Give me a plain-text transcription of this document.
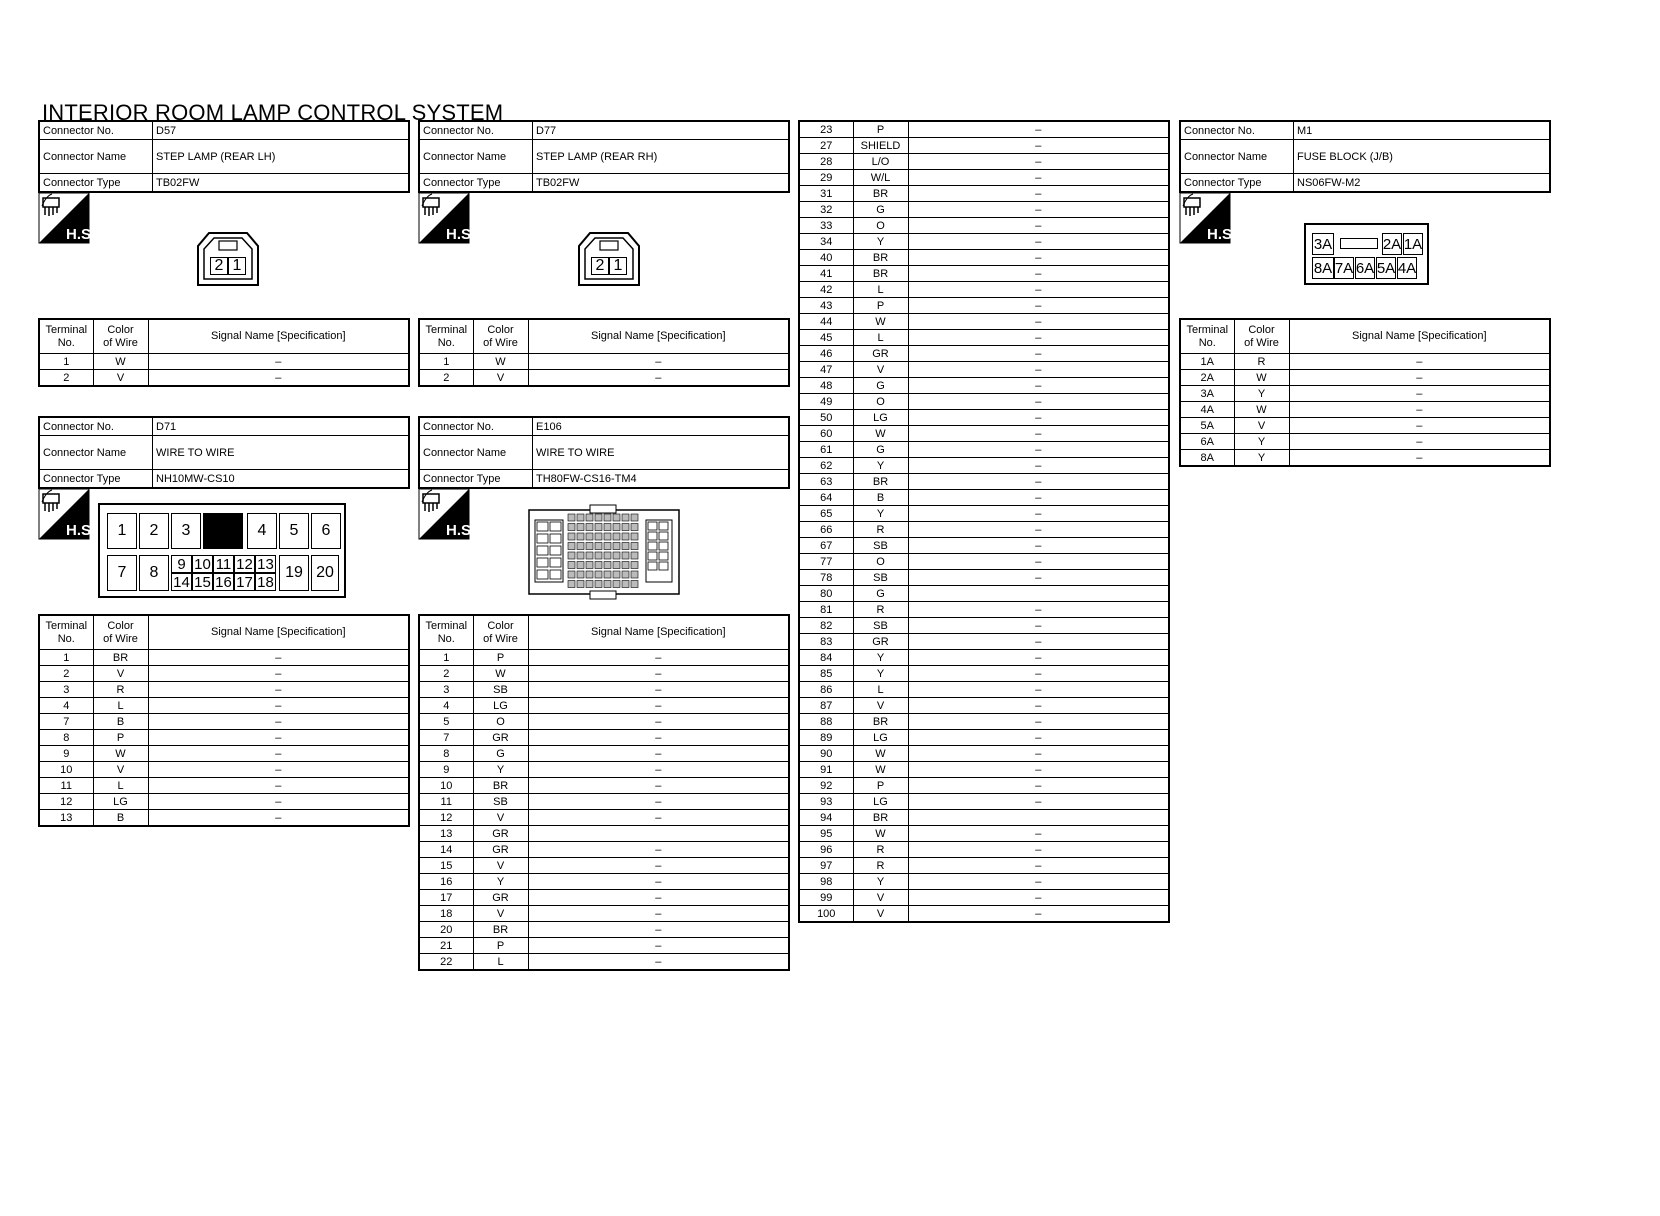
INTERIOR ROOM LAMP CONTROL SYSTEM
Connector No.	D57
Connector Name	STEP LAMP (REAR LH)
Connector Type	TB02FW
H.S.
2 1
Terminal
No.	Color
of Wire	Signal Name [Specification]
1	W	–
2	V	–
Connector No.	D77
Connector Name	STEP LAMP (REAR RH)
Connector Type	TB02FW
H.S.
2 1
Terminal
No.	Color
of Wire	Signal Name [Specification]
1	W	–
2	V	–
Connector No.	D71
Connector Name	WIRE TO WIRE
Connector Type	NH10MW-CS10
H.S.	1	2	3	4	5	6
7	8	9 10 11 12 13
14 15 16 17 18
19 20
Terminal
No.	Color
of Wire	Signal Name [Specification]
1	BR	–
2	V	–
3	R	–
4	L	–
7	B	–
8	P	–
9	W	–
10	V	–
11	L	–
12	LG	–
13	B	–
Connector No.	E106
Connector Name	WIRE TO WIRE
Connector Type	TH80FW-CS16-TM4
H.S.
Terminal
No.	Color
of Wire	Signal Name [Specification]
1	P	–
2	W	–
3	SB	–
4	LG	–
5	O	–
7	GR	–
8	G	–
9	Y	–
10	BR	–
11	SB	–
12	V	–
13	GR	
14	GR	–
15	V	–
16	Y	–
17	GR	–
18	V	–
20	BR	–
21	P	–
22	L	–
23	P	–
27	SHIELD	–
28	L/O	–
29	W/L	–
31	BR	–
32	G	–
33	O	–
34	Y	–
40	BR	–
41	BR	–
42	L	–
43	P	–
44	W	–
45	L	–
46	GR	–
47	V	–
48	G	–
49	O	–
50	LG	–
60	W	–
61	G	–
62	Y	–
63	BR	–
64	B	–
65	Y	–
66	R	–
67	SB	–
77	O	–
78	SB	–
80	G	
81	R	–
82	SB	–
83	GR	–
84	Y	–
85	Y	–
86	L	–
87	V	–
88	BR	–
89	LG	–
90	W	–
91	W	–
92	P	–
93	LG	–
94	BR	
95	W	–
96	R	–
97	R	–
98	Y	–
99	V	–
100	V	–
Connector No.	M1
Connector Name	FUSE BLOCK (J/B)
Connector Type	NS06FW-M2
H.S.
3A	2A 1A
8A 7A 6A 5A 4A
Terminal
No.	Color
of Wire	Signal Name [Specification]
1A	R	–
2A	W	–
3A	Y	–
4A	W	–
5A	V	–
6A	Y	–
8A	Y	–
